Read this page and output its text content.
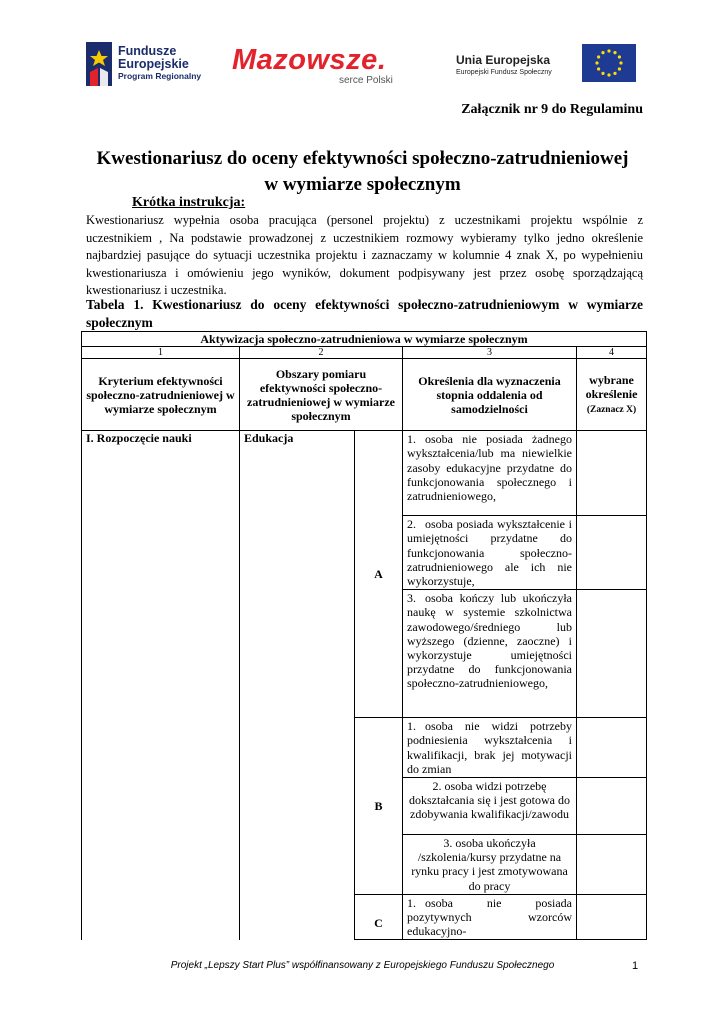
Fundusze
Europejskie
Program Regionalny Mazowsze.
serce Polski
Unia Europejska
Europejski Fundusz Społeczny
Załącznik nr 9 do Regulaminu
Kwestionariusz do oceny efektywności społeczno-zatrudnieniowej
w wymiarze społecznym
Krótka instrukcja:
Kwestionariusz wypełnia osoba pracująca (personel projektu) z uczestnikami projektu wspólnie z uczestnikiem , Na podstawie prowadzonej z uczestnikiem rozmowy wybieramy tylko jedno określenie najbardziej pasujące do sytuacji uczestnika projektu i zaznaczamy w kolumnie 4 znak X, po wypełnieniu kwestionariusza i omówieniu jego wyników, dokument podpisywany jest przez osobę sporządzającą kwestionariusz i uczestnika.
Tabela 1. Kwestionariusz do oceny efektywności społeczno-zatrudnieniowym w wymiarze społecznym
Aktywizacja społeczno-zatrudnieniowa w wymiarze społecznym				
1	2		3	4
Kryterium efektywności społeczno-zatrudnieniowej w wymiarze społecznym	Obszary pomiaru efektywności społeczno-zatrudnieniowej w wymiarze społecznym		Określenia dla wyznaczenia stopnia oddalenia od samodzielności	wybrane określenie
(Zaznacz X)
I. Rozpoczęcie nauki	Edukacja	A	1. osoba nie posiada żadnego wykształcenia/lub ma niewielkie zasoby edukacyjne przydatne do funkcjonowania społecznego i zatrudnieniowego,	
			2. osoba posiada wykształcenie i umiejętności przydatne do funkcjonowania społeczno-zatrudnieniowego ale ich nie wykorzystuje,	
			3. osoba kończy lub ukończyła naukę w systemie szkolnictwa zawodowego/średniego lub wyższego (dzienne, zaoczne) i wykorzystuje umiejętności przydatne do funkcjonowania społeczno-zatrudnieniowego,	
		B	1. osoba nie widzi potrzeby podniesienia wykształcenia i kwalifikacji, brak jej motywacji do zmian	
			2. osoba widzi potrzebę dokształcania się i jest gotowa do zdobywania kwalifikacji/zawodu	
			3. osoba ukończyła /szkolenia/kursy przydatne na rynku pracy i jest zmotywowana do pracy	
		C	1. osoba nie posiada pozytywnych wzorców edukacyjno-	
Projekt „Lepszy Start Plus” współfinansowany z Europejskiego Funduszu Społecznego	1
